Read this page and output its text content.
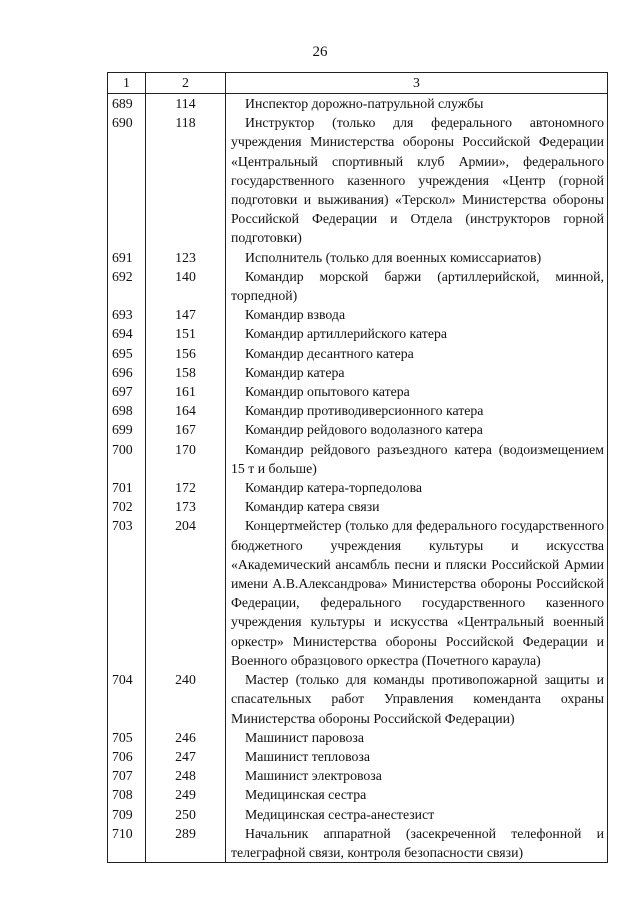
26
1	2	3
689	114	Инспектор дорожно-патрульной службы
690	118	Инструктор (только для федерального автономного учреждения Министерства обороны Российской Федерации «Центральный спортивный клуб Армии», федерального государственного казенного учреждения «Центр (горной подготовки и выживания) «Терскол» Министерства обороны Российской Федерации и Отдела (инструкторов горной подготовки)
691	123	Исполнитель (только для военных комиссариатов)
692	140	Командир морской баржи (артиллерийской, минной, торпедной)
693	147	Командир взвода
694	151	Командир артиллерийского катера
695	156	Командир десантного катера
696	158	Командир катера
697	161	Командир опытового катера
698	164	Командир противодиверсионного катера
699	167	Командир рейдового водолазного катера
700	170	Командир рейдового разъездного катера (водоизмещением 15 т и больше)
701	172	Командир катера-торпедолова
702	173	Командир катера связи
703	204	Концертмейстер (только для федерального государственного бюджетного учреждения культуры и искусства «Академический ансамбль песни и пляски Российской Армии имени А.В.Александрова» Министерства обороны Российской Федерации, федерального государственного казенного учреждения культуры и искусства «Центральный военный оркестр» Министерства обороны Российской Федерации и Военного образцового оркестра (Почетного караула)
704	240	Мастер (только для команды противопожарной защиты и спасательных работ Управления коменданта охраны Министерства обороны Российской Федерации)
705	246	Машинист паровоза
706	247	Машинист тепловоза
707	248	Машинист электровоза
708	249	Медицинская сестра
709	250	Медицинская сестра-анестезист
710	289	Начальник аппаратной (засекреченной телефонной и телеграфной связи, контроля безопасности связи)
